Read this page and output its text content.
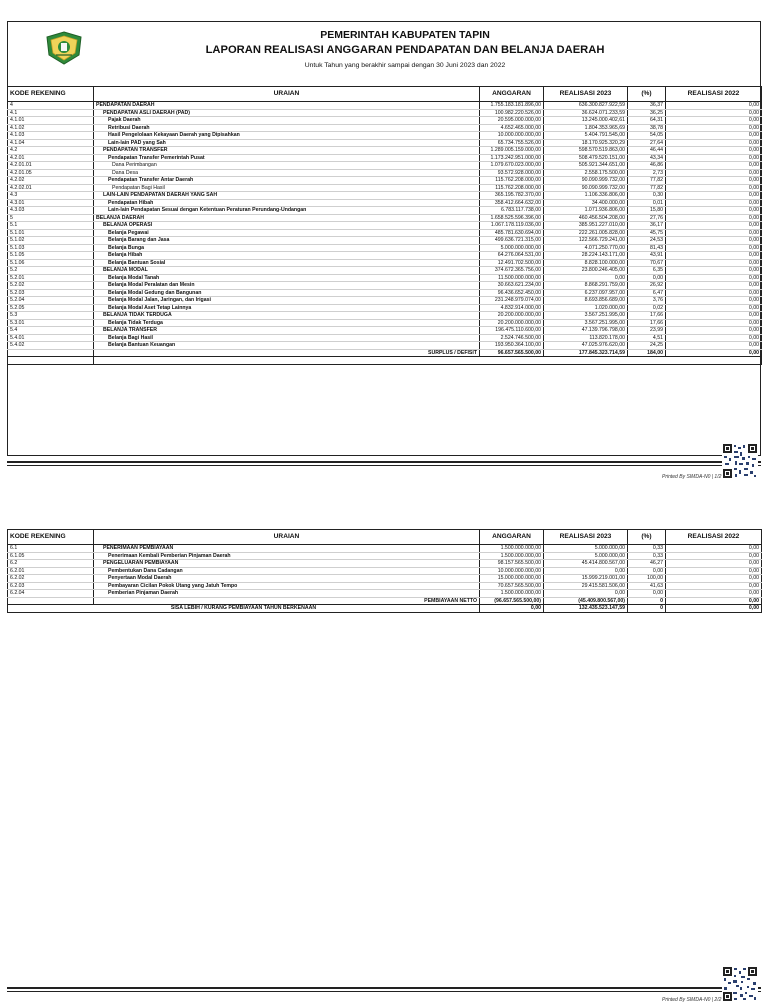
PEMERINTAH KABUPATEN TAPIN
LAPORAN REALISASI ANGGARAN PENDAPATAN DAN BELANJA DAERAH
Untuk Tahun yang berakhir sampai dengan 30 Juni 2023 dan 2022
KODE REKENING	URAIAN	ANGGARAN	REALISASI 2023	(%)	REALISASI 2022
4	PENDAPATAN DAERAH	1.755.183.181.896,00	636.300.827.922,59	36,37	0,00
4.1	PENDAPATAN ASLI DAERAH (PAD)	100.982.220.526,00	36.624.071.233,59	36,25	0,00
4.1.01	Pajak Daerah	20.595.000.000,00	13.245.000.402,61	64,31	0,00
4.1.02	Retribusi Daerah	4.652.465.000,00	1.804.353.965,69	38,78	0,00
4.1.03	Hasil Pengelolaan Kekayaan Daerah yang Dipisahkan	10.000.000.000,00	5.404.791.545,00	54,05	0,00
4.1.04	Lain-lain PAD yang Sah	65.734.755.526,00	18.170.925.320,29	27,64	0,00
4.2	PENDAPATAN TRANSFER	1.289.005.159.000,00	598.570.519.863,00	46,44	0,00
4.2.01	Pendapatan Transfer Pemerintah Pusat	1.173.242.951.000,00	508.479.520.151,00	43,34	0,00
4.2.01.01	Dana Perimbangan	1.079.670.023.000,00	505.921.344.651,00	46,86	0,00
4.2.01.05	Dana Desa	93.572.928.000,00	2.558.175.500,00	2,73	0,00
4.2.02	Pendapatan Transfer Antar Daerah	115.762.208.000,00	90.090.999.732,00	77,82	0,00
4.2.02.01	Pendapatan Bagi Hasil	115.762.208.000,00	90.090.999.732,00	77,82	0,00
4.3	LAIN-LAIN PENDAPATAN DAERAH YANG SAH	365.195.782.370,00	1.106.336.806,00	0,30	0,00
4.3.01	Pendapatan Hibah	358.412.664.632,00	34.400.000,00	0,01	0,00
4.3.03	Lain-lain Pendapatan Sesuai dengan Ketentuan Peraturan Perundang-Undangan	6.783.117.738,00	1.071.936.806,00	15,80	0,00
5	BELANJA DAERAH	1.658.525.596.396,00	460.456.504.208,00	27,76	0,00
5.1	BELANJA OPERASI	1.067.178.119.036,00	385.951.227.010,00	36,17	0,00
5.1.01	Belanja Pegawai	485.781.630.694,00	222.261.005.828,00	45,75	0,00
5.1.02	Belanja Barang dan Jasa	499.636.721.315,00	122.566.729.241,00	24,53	0,00
5.1.03	Belanja Bunga	5.000.000.000,00	4.071.250.770,00	81,43	0,00
5.1.05	Belanja Hibah	64.276.064.531,00	28.224.143.171,00	43,91	0,00
5.1.06	Belanja Bantuan Sosial	12.491.702.500,00	8.828.100.000,00	70,67	0,00
5.2	BELANJA MODAL	374.672.365.756,00	23.800.246.405,00	6,35	0,00
5.2.01	Belanja Modal Tanah	11.500.000.000,00	0,00	0,00	0,00
5.2.02	Belanja Modal Peralatan dan Mesin	30.663.621.234,00	8.868.291.759,00	26,92	0,00
5.2.03	Belanja Modal Gedung dan Bangunan	96.436.652.450,00	6.237.097.957,00	6,47	0,00
5.2.04	Belanja Modal Jalan, Jaringan, dan Irigasi	231.248.979.074,00	8.693.856.689,00	3,76	0,00
5.2.05	Belanja Modal Aset Tetap Lainnya	4.832.914.000,00	1.020.000,00	0,02	0,00
5.3	BELANJA TIDAK TERDUGA	20.200.000.000,00	3.567.251.995,00	17,66	0,00
5.3.01	Belanja Tidak Terduga	20.200.000.000,00	3.567.251.995,00	17,66	0,00
5.4	BELANJA TRANSFER	196.475.110.600,00	47.139.796.798,00	23,99	0,00
5.4.01	Belanja Bagi Hasil	2.524.746.500,00	113.820.178,00	4,51	0,00
5.4.02	Belanja Bantuan Keuangan	193.950.364.100,00	47.025.976.620,00	24,25	0,00
	SURPLUS / DEFISIT	96.657.565.500,00	177.845.323.714,59	184,00	0,00

Printed By SIMDA-N0 | 1/2
KODE REKENING	URAIAN	ANGGARAN	REALISASI 2023	(%)	REALISASI 2022
6.1	PENERIMAAN PEMBIAYAAN	1.500.000.000,00	5.000.000,00	0,33	0,00
6.1.05	Penerimaan Kembali Pemberian Pinjaman Daerah	1.500.000.000,00	5.000.000,00	0,33	0,00
6.2	PENGELUARAN PEMBIAYAAN	98.157.565.500,00	45.414.800.567,00	46,27	0,00
6.2.01	Pembentukan Dana Cadangan	10.000.000.000,00	0,00	0,00	0,00
6.2.02	Penyertaan Modal Daerah	15.000.000.000,00	15.999.219.001,00	100,00	0,00
6.2.03	Pembayaran Cicilan Pokok Utang yang Jatuh Tempo	70.657.565.500,00	29.415.581.506,00	41,63	0,00
6.2.04	Pemberian Pinjaman Daerah	1.500.000.000,00	0,00	0,00	0,00
	PEMBIAYAAN NETTO	(96.657.565.500,00)	(45.409.800.567,00)	0	0,00
SISA LEBIH / KURANG PEMBIAYAAN TAHUN BERKENAAN		0,00	132.435.523.147,59	0	0,00
Printed By SIMDA-N0 | 2/2
